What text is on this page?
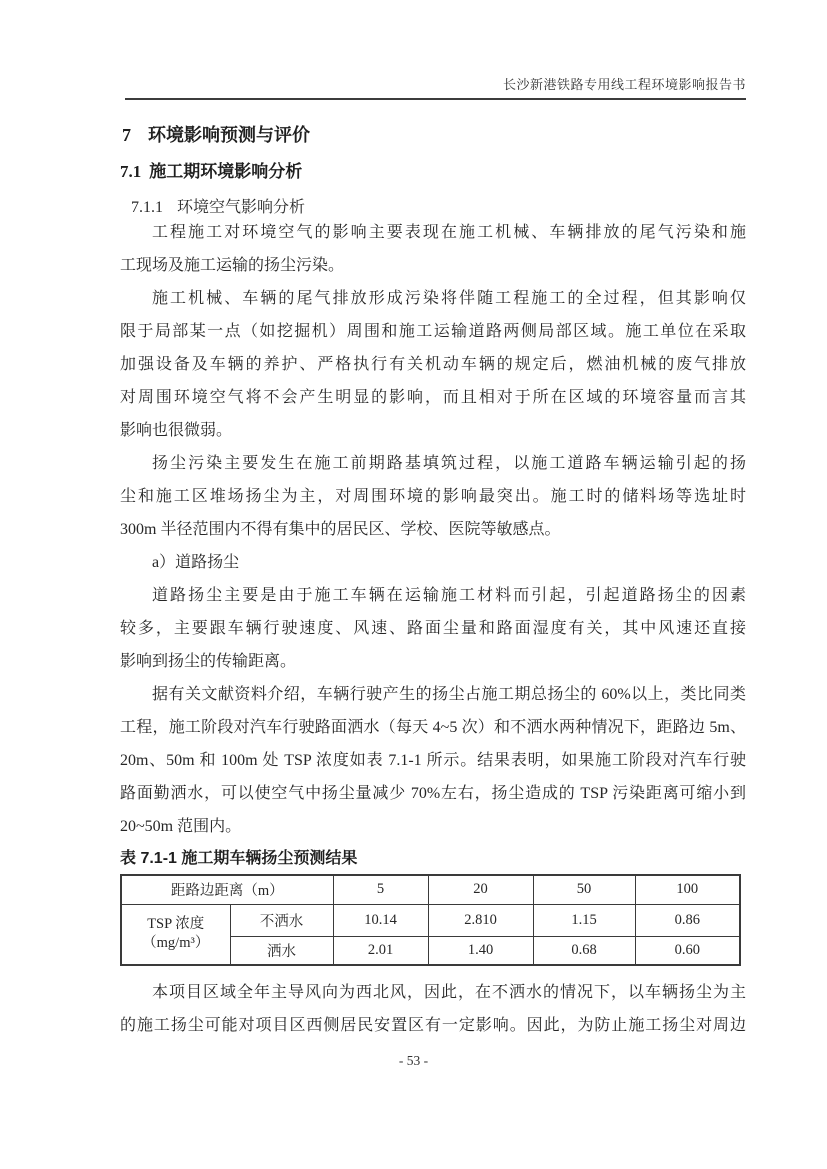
长沙新港铁路专用线工程环境影响报告书
7 环境影响预测与评价
7.1 施工期环境影响分析
7.1.1 环境空气影响分析
工程施工对环境空气的影响主要表现在施工机械、车辆排放的尾气污染和施
工现场及施工运输的扬尘污染。
施工机械、车辆的尾气排放形成污染将伴随工程施工的全过程，但其影响仅
限于局部某一点（如挖掘机）周围和施工运输道路两侧局部区域。施工单位在采取
加强设备及车辆的养护、严格执行有关机动车辆的规定后，燃油机械的废气排放
对周围环境空气将不会产生明显的影响，而且相对于所在区域的环境容量而言其
影响也很微弱。
扬尘污染主要发生在施工前期路基填筑过程，以施工道路车辆运输引起的扬
尘和施工区堆场扬尘为主，对周围环境的影响最突出。施工时的储料场等选址时
300m 半径范围内不得有集中的居民区、学校、医院等敏感点。
a）道路扬尘
道路扬尘主要是由于施工车辆在运输施工材料而引起，引起道路扬尘的因素
较多，主要跟车辆行驶速度、风速、路面尘量和路面湿度有关，其中风速还直接
影响到扬尘的传输距离。
据有关文献资料介绍，车辆行驶产生的扬尘占施工期总扬尘的 60%以上，类比同类
工程，施工阶段对汽车行驶路面洒水（每天 4~5 次）和不洒水两种情况下，距路边 5m、
20m、50m 和 100m 处 TSP 浓度如表 7.1-1 所示。结果表明，如果施工阶段对汽车行驶
路面勤洒水，可以使空气中扬尘量减少 70%左右，扬尘造成的 TSP 污染距离可缩小到
20~50m 范围内。
表 7.1-1 施工期车辆扬尘预测结果
距路边距离（m）		5	20	50	100

TSP 浓度
（mg/m³）	不洒水	10.14	2.810	1.15	0.86
	洒水	2.01	1.40	0.68	0.60
本项目区域全年主导风向为西北风，因此，在不洒水的情况下，以车辆扬尘为主
的施工扬尘可能对项目区西侧居民安置区有一定影响。因此，为防止施工扬尘对周边
- 53 -
